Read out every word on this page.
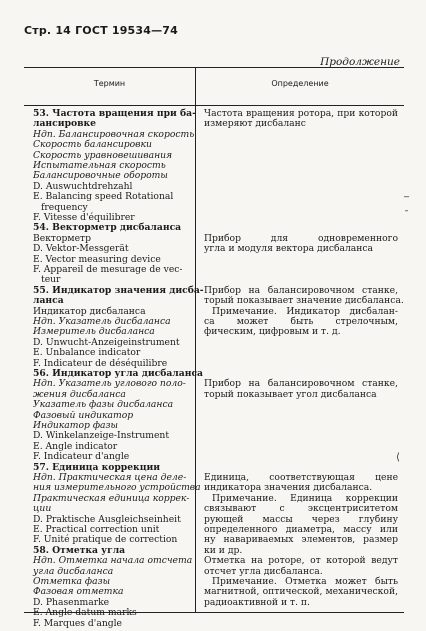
Стр. 14 ГОСТ 19534—74
Продолжение
Термин	Определение
53. Частота вращения при ба-
лансировке
Ндп. Балансировочная скорость
Скорость балансировки
Скорость уравновешивания
Испытательная скорость
Балансировочные обороты
D. Auswuchtdrehzahl
E. Balancing speed Rotational
frequency
F. Vitesse d'équilibrer
54. Векторметр дисбаланса
Векторметр
D. Vektor-Messgerät
E. Vector measuring device
F. Appareil de mesurage de vec-
teur
55. Индикатор значения дисба-
ланса
Индикатор дисбаланса
Ндп. Указатель дисбаланса
Измеритель дисбаланса
D. Unwucht-Anzeigeinstrument
E. Unbalance indicator
F. Indicateur de déséquilibre
56. Индикатор угла дисбаланса
Ндп. Указатель углового поло-
жения дисбаланса
Указатель фазы дисбаланса
Фазовый индикатор
Индикатор фазы
D. Winkelanzeige-Instrument
E. Angle indicator
F. Indicateur d'angle
57. Единица коррекции
Ндп. Практическая цена деле-
ния измерительного устройства
Практическая единица коррек-
ции
D. Praktische Ausgleichseinheit
E. Practical correction unit
F. Unité pratique de correction
58. Отметка угла
Ндп. Отметка начала отсчета
угла дисбаланса
Отметка фазы
Фазовая отметка
D. Phasenmarke
E. Angle datum marks
F. Marques d'angle
Частота вращения ротора, при которой
измеряют дисбаланс
Прибор для одновременного
угла и модуля вектора дисбаланса
Прибор на балансировочном станке,
торый показывает значение дисбаланса.
Примечание. Индикатор дисбалан-
са может быть стрелочным,
фическим, цифровым и т. д.
Прибор на балансировочном станке,
торый показывает угол дисбаланса
Единица, соответствующая цене
индикатора значения дисбаланса.
Примечание. Единица коррекции
связывают с эксцентриситетом
рующей массы через глубину
определенного диаметра, массу или
ну навариваемых элементов, размер
ки и др.
Отметка на роторе, от которой ведут
отсчет угла дисбаланса.
Примечание. Отметка может быть
магнитной, оптической, механической,
радиоактивной и т. п.
‾
¯
⟨
